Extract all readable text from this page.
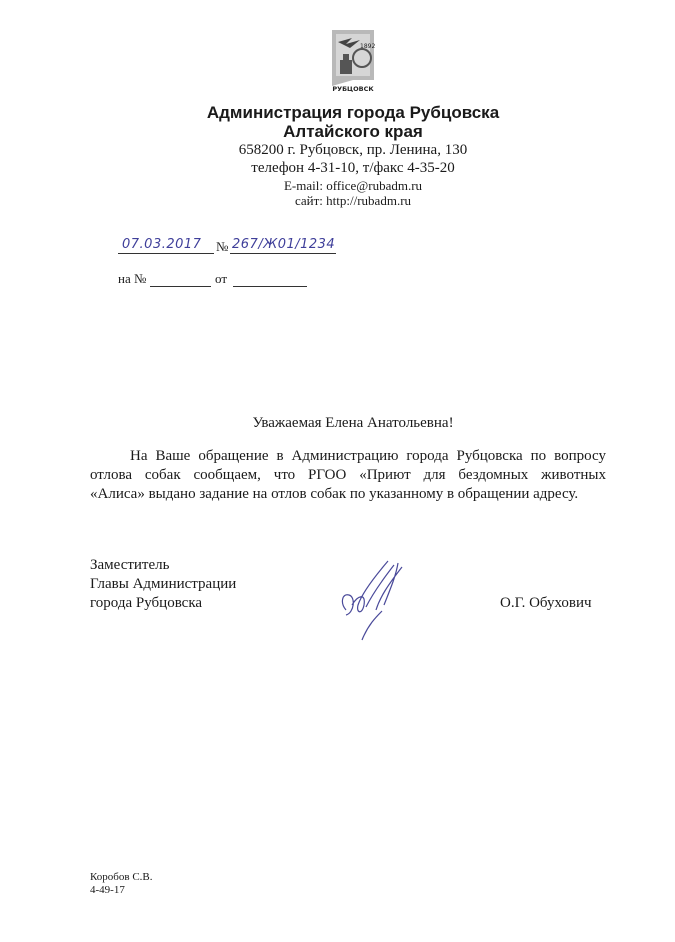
1892
РУБЦОВСК
Администрация города Рубцовска
Алтайского края
658200 г. Рубцовск, пр. Ленина, 130
телефон 4-31-10, т/факс 4-35-20
E-mail: office@rubadm.ru
сайт: http://rubadm.ru
07.03.2017 № 267/Ж01/1234
на №	от
Уважаемая Елена Анатольевна!
На Ваше обращение в Администрацию города Рубцовска по вопросу
отлова собак сообщаем, что РГОО «Приют для бездомных животных
«Алиса» выдано задание на отлов собак по указанному в обращении адресу.
Заместитель
Главы Администрации
города Рубцовска	О.Г. Обухович
Коробов С.В.
4-49-17
